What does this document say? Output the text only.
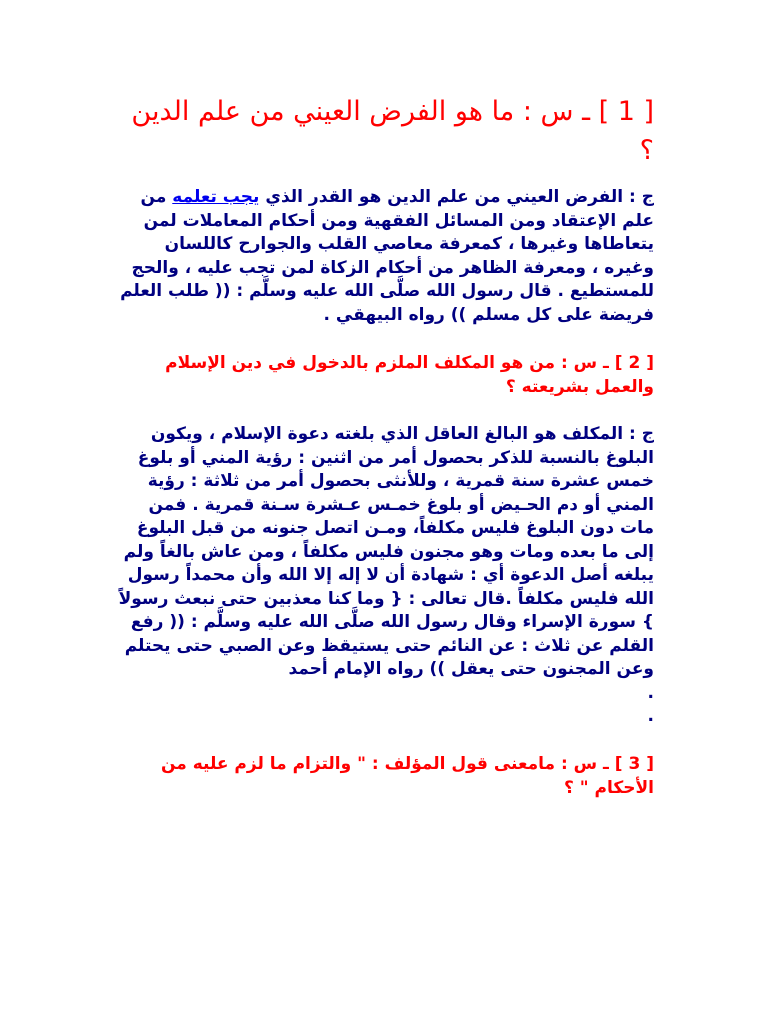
[ 1 ] ـ س : ما هو الفرض العيني من علم الدين ؟

ج : الفرض العيني من علم الدين هو القدر الذي يجب تعلمه من علم الإعتقاد ومن المسائل الفقهية ومن أحكام المعاملات لمن يتعاطاها وغيرها ، كمعرفة معاصي القلب والجوارح كاللسان وغيره ، ومعرفة الظاهر من أحكام الزكاة لمن تجب عليه ، والحج للمستطيع . قال رسول الله صلَّى الله عليه وسلَّم : (( طلب العلم فريضة على كل مسلم )) رواه البيهقي .

[ 2 ] ـ س : من هو المكلف الملزم بالدخول في دين الإسلام والعمل بشريعته ؟

ج : المكلف هو البالغ العاقل الذي بلغته دعوة الإسلام ، ويكون البلوغ بالنسبة للذكر بحصول أمر من اثنين : رؤية المني أو بلوغ خمس عشرة سنة قمرية ، وللأنثى بحصول أمر من ثلاثة : رؤية المني أو دم الحـيض أو بلوغ خمـس عـشرة سـنة قمرية . فمن مات دون البلوغ فليس مكلفاً، ومـن اتصل جنونه من قبل البلوغ إلى ما بعده ومات وهو مجنون فليس مكلفاً ، ومن عاش بالغاً ولم يبلغه أصل الدعوة أي : شهادة أن لا إله إلا الله وأن محمداً رسول الله فليس مكلفاً .قال تعالى : { وما كنا معذبين حتى نبعث رسولاً } سورة الإسراء وقال رسول الله صلَّى الله عليه وسلَّم : (( رفع القلم عن ثلاث : عن النائم حتى يستيقظ وعن الصبي حتى يحتلم وعن المجنون حتى يعقل )) رواه الإمام أحمد

.

.

[ 3 ] ـ س : مامعنى قول المؤلف : " والتزام ما لزم عليه من الأحكام " ؟
